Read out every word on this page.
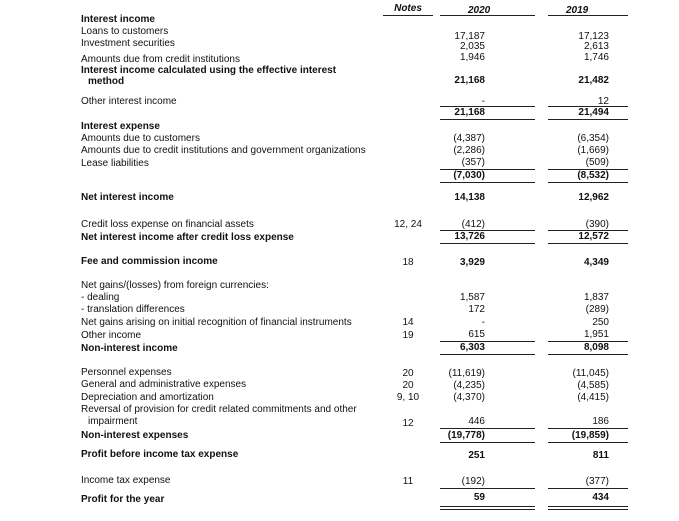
Notes	2020	2019
Interest income
Loans to customers	17,187	17,123
Investment securities	2,035	2,613
Amounts due from credit institutions	1,946	1,746
Interest income calculated using the effective interest
method	21,168	21,482
Other interest income	-	12
21,168	21,494
Interest expense
Amounts due to customers	(4,387)	(6,354)
Amounts due to credit institutions and government organizations	(2,286)	(1,669)
Lease liabilities	(357)	(509)
(7,030)	(8,532)
Net interest income	14,138	12,962
Credit loss expense on financial assets	12, 24	(412)	(390)
Net interest income after credit loss expense	13,726	12,572
Fee and commission income	18	3,929	4,349
Net gains/(losses) from foreign currencies:
- dealing	1,587	1,837
- translation differences	172	(289)
Net gains arising on initial recognition of financial instruments	14	-	250
Other income	19	615	1,951
Non-interest income	6,303	8,098
Personnel expenses	20	(11,619)	(11,045)
General and administrative expenses	20	(4,235)	(4,585)
Depreciation and amortization	9, 10	(4,370)	(4,415)
Reversal of provision for credit related commitments and other
impairment	12	446	186
Non-interest expenses	(19,778)	(19,859)
Profit before income tax expense	251	811
Income tax expense	11	(192)	(377)
Profit for the year	59	434
